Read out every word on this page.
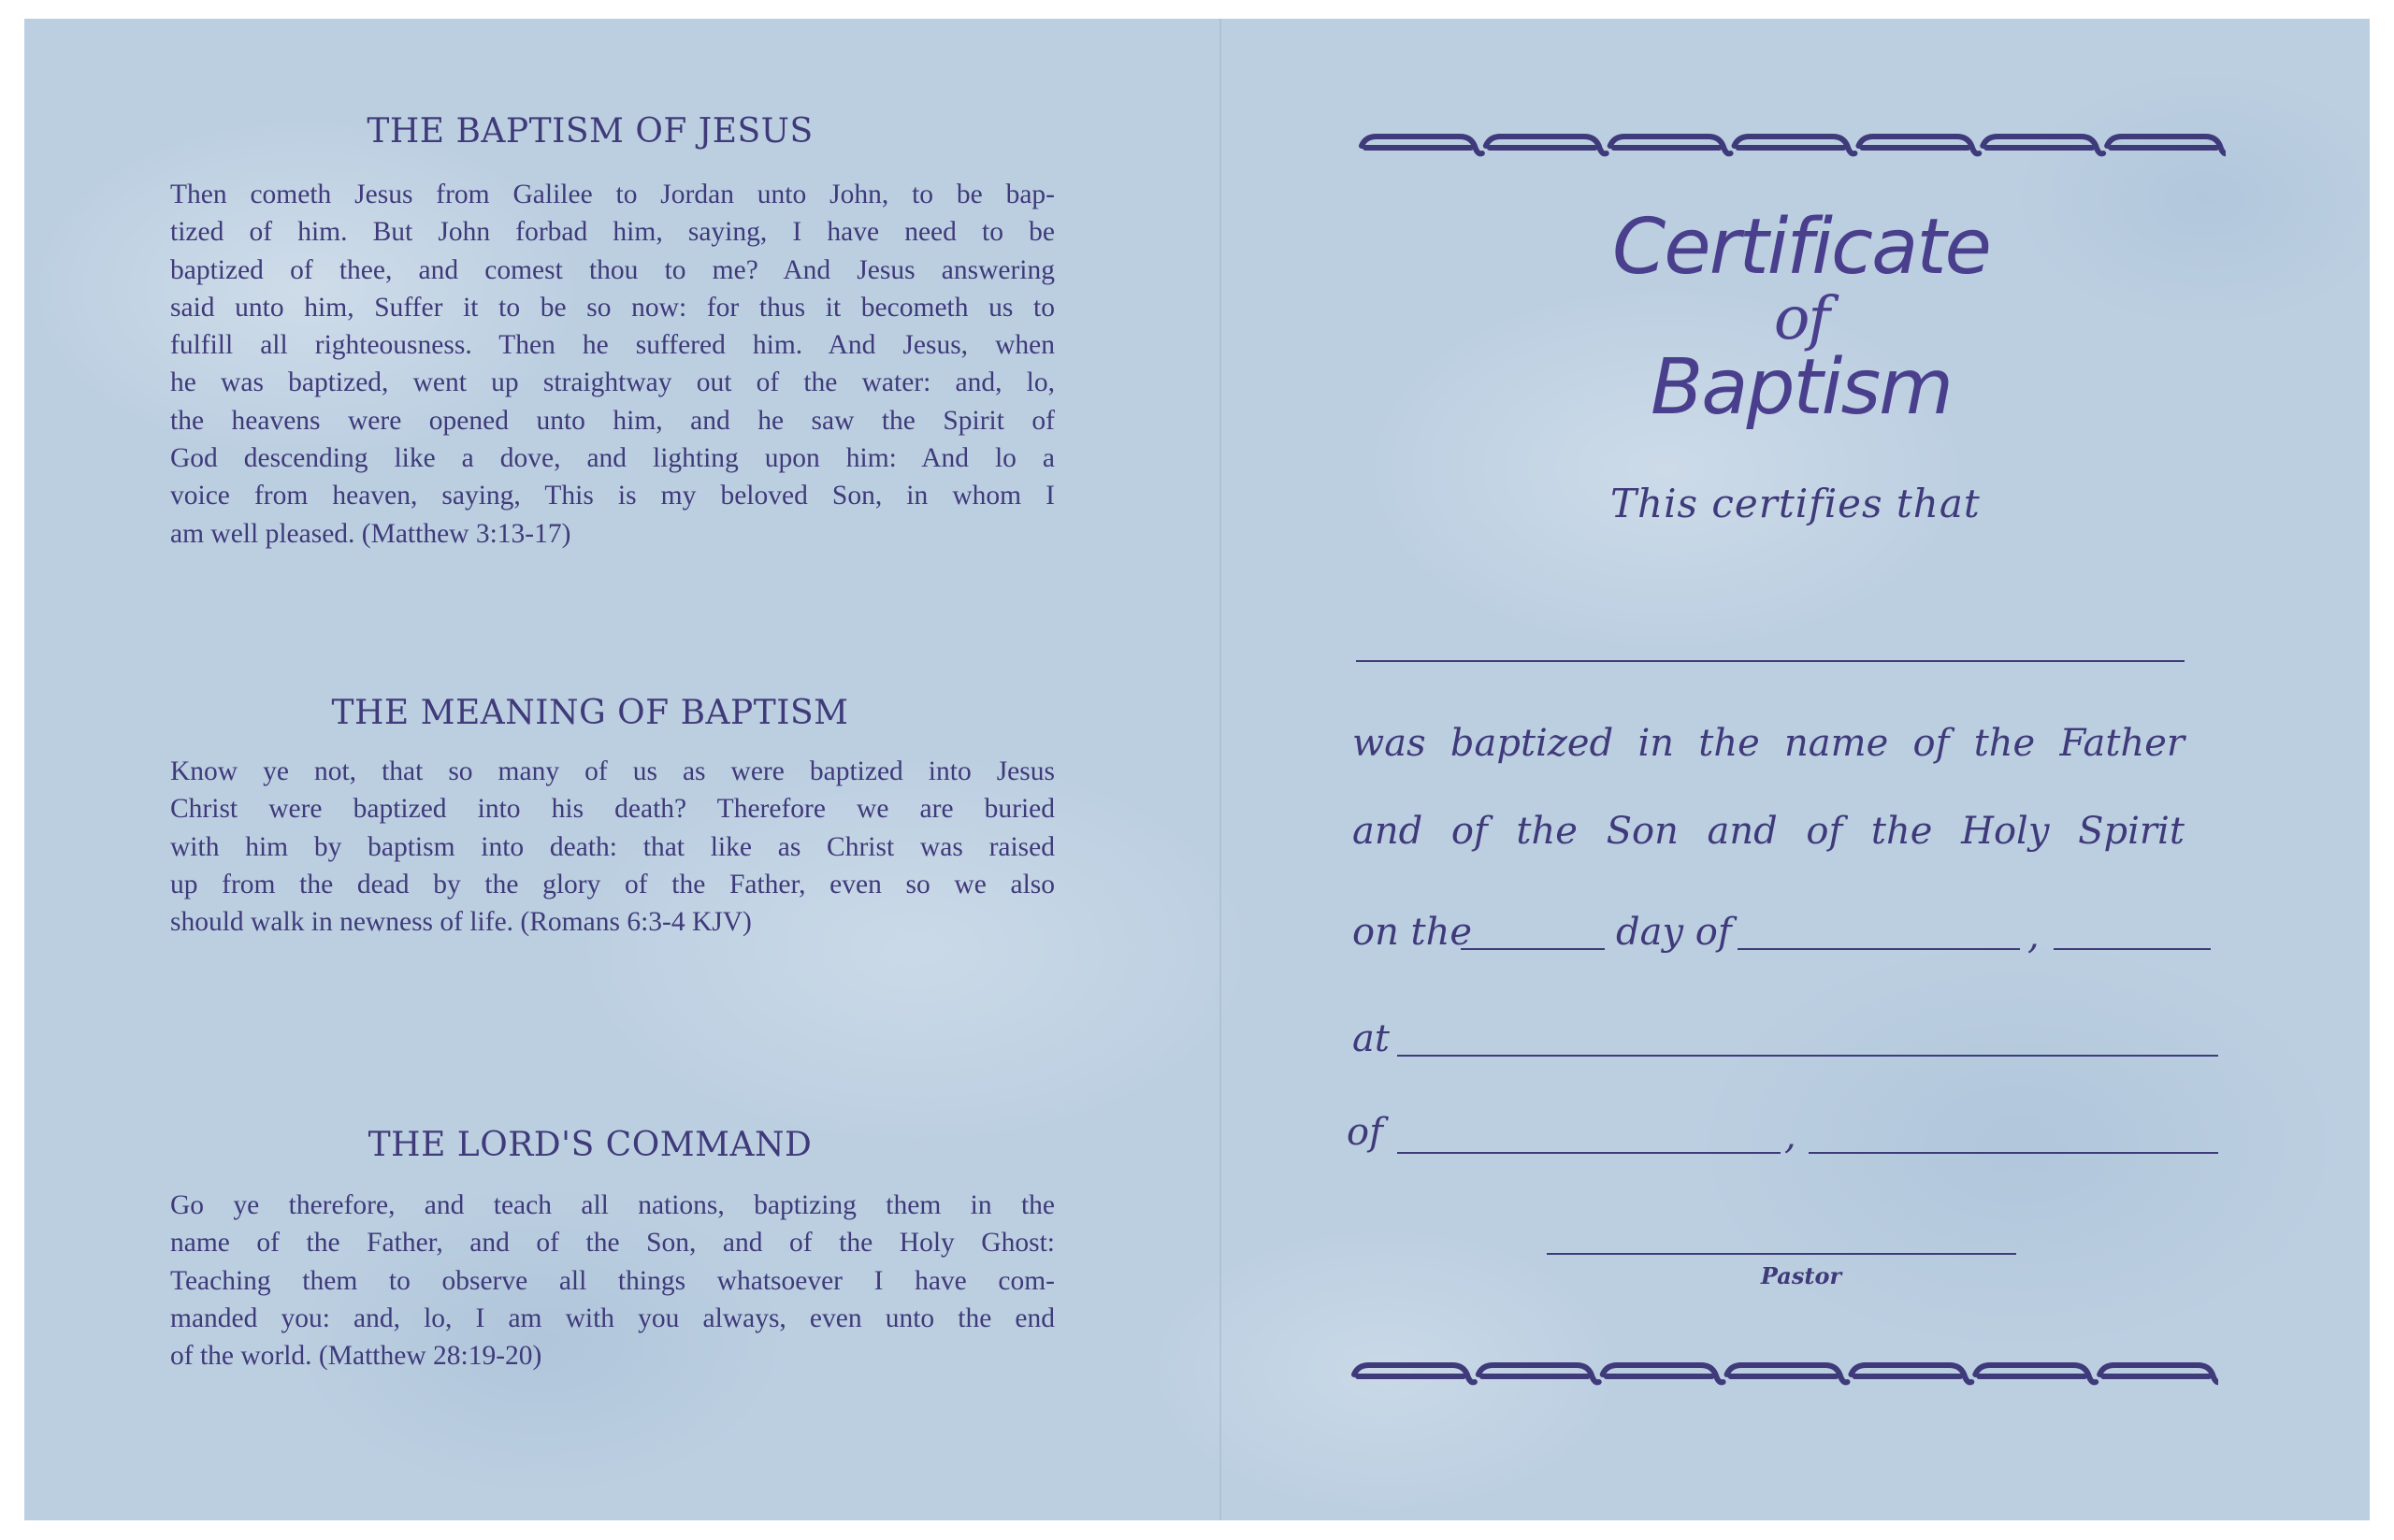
THE BAPTISM OF JESUS
Then cometh Jesus from Galilee to Jordan unto John, to be bap-
tized of him. But John forbad him, saying, I have need to be
baptized of thee, and comest thou to me? And Jesus answering
said unto him, Suffer it to be so now: for thus it becometh us to
fulfill all righteousness. Then he suffered him. And Jesus, when
he was baptized, went up straightway out of the water: and, lo,
the heavens were opened unto him, and he saw the Spirit of
God descending like a dove, and lighting upon him: And lo a
voice from heaven, saying, This is my beloved Son, in whom I
am well pleased. (Matthew 3:13-17)
THE MEANING OF BAPTISM
Know ye not, that so many of us as were baptized into Jesus
Christ were baptized into his death? Therefore we are buried
with him by baptism into death: that like as Christ was raised
up from the dead by the glory of the Father, even so we also
should walk in newness of life. (Romans 6:3-4 KJV)
THE LORD'S COMMAND
Go ye therefore, and teach all nations, baptizing them in the
name of the Father, and of the Son, and of the Holy Ghost:
Teaching them to observe all things whatsoever I have com-
manded you: and, lo, I am with you always, even unto the end
of the world. (Matthew 28:19-20)
Certificate
of
Baptism
This certifies that
was baptized in the name of the Father
and of the Son and of the Holy Spirit
on the	day of	,
at
of	,
Pastor
